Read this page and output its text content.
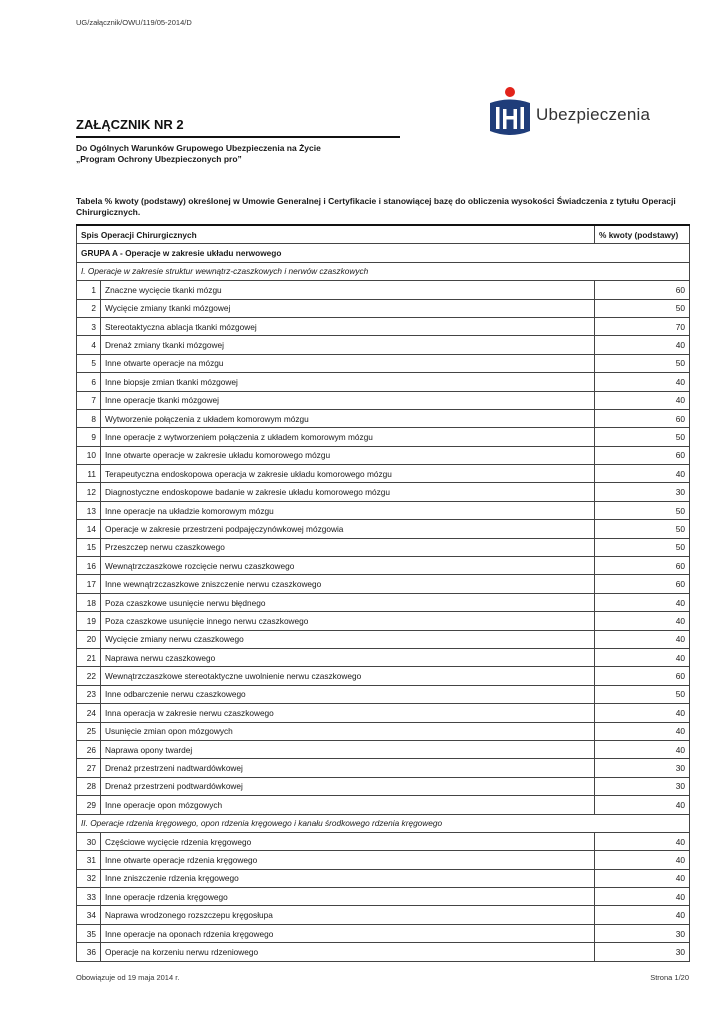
UG/załącznik/OWU/119/05-2014/D
Ubezpieczenia
ZAŁĄCZNIK NR 2
Do Ogólnych Warunków Grupowego Ubezpieczenia na Życie
„Program Ochrony Ubezpieczonych pro”
Tabela % kwoty (podstawy) określonej w Umowie Generalnej i Certyfikacie i stanowiącej bazę do obliczenia wysokości Świadczenia z tytułu Operacji Chirurgicznych.
Spis Operacji Chirurgicznych		% kwoty (podstawy)
GRUPA A - Operacje w zakresie układu nerwowego		
I. Operacje w zakresie struktur wewnątrz-czaszkowych i nerwów czaszkowych		
1	Znaczne wycięcie tkanki mózgu	60
2	Wycięcie zmiany tkanki mózgowej	50
3	Stereotaktyczna ablacja tkanki mózgowej	70
4	Drenaż zmiany tkanki mózgowej	40
5	Inne otwarte operacje na mózgu	50
6	Inne biopsje zmian tkanki mózgowej	40
7	Inne operacje tkanki mózgowej	40
8	Wytworzenie połączenia z układem komorowym mózgu	60
9	Inne operacje z wytworzeniem połączenia z układem komorowym mózgu	50
10	Inne otwarte operacje w zakresie układu komorowego mózgu	60
11	Terapeutyczna endoskopowa operacja w zakresie układu komorowego mózgu	40
12	Diagnostyczne endoskopowe badanie w zakresie układu komorowego mózgu	30
13	Inne operacje na układzie komorowym mózgu	50
14	Operacje w zakresie przestrzeni podpajęczynówkowej mózgowia	50
15	Przeszczep nerwu czaszkowego	50
16	Wewnątrzczaszkowe rozcięcie nerwu czaszkowego	60
17	Inne wewnątrzczaszkowe zniszczenie nerwu czaszkowego	60
18	Poza czaszkowe usunięcie nerwu błędnego	40
19	Poza czaszkowe usunięcie innego nerwu czaszkowego	40
20	Wycięcie zmiany nerwu czaszkowego	40
21	Naprawa nerwu czaszkowego	40
22	Wewnątrzczaszkowe stereotaktyczne uwolnienie nerwu czaszkowego	60
23	Inne odbarczenie nerwu czaszkowego	50
24	Inna operacja w zakresie nerwu czaszkowego	40
25	Usunięcie zmian opon mózgowych	40
26	Naprawa opony twardej	40
27	Drenaż przestrzeni nadtwardówkowej	30
28	Drenaż przestrzeni podtwardówkowej	30
29	Inne operacje opon mózgowych	40
II. Operacje rdzenia kręgowego, opon rdzenia kręgowego i kanału środkowego rdzenia kręgowego		
30	Częściowe wycięcie rdzenia kręgowego	40
31	Inne otwarte operacje rdzenia kręgowego	40
32	Inne zniszczenie rdzenia kręgowego	40
33	Inne operacje rdzenia kręgowego	40
34	Naprawa wrodzonego rozszczepu kręgosłupa	40
35	Inne operacje na oponach rdzenia kręgowego	30
36	Operacje na korzeniu nerwu rdzeniowego	30
Obowiązuje od 19 maja 2014 r.	Strona 1/20
